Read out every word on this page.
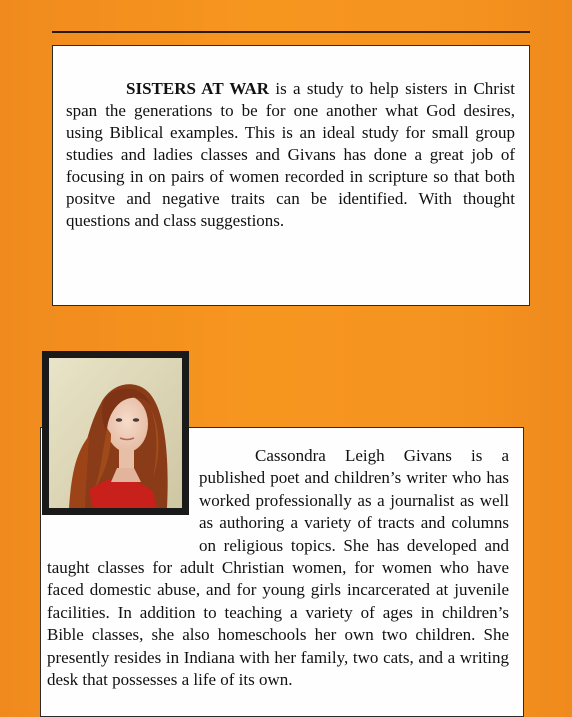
SISTERS AT WAR is a study to help sisters in Christ span the generations to be for one another what God desires, using Biblical examples. This is an ideal study for small group studies and ladies classes and Givans has done a great job of focusing in on pairs of women recorded in scripture so that both positve and negative traits can be identified. With thought questions and class suggestions.

Cassondra Leigh Givans is a published poet and children’s writer who has worked professionally as a journalist as well as authoring a variety of tracts and columns on religious topics. She has developed and taught classes for adult Christian women, for women who have faced domestic abuse, and for young girls incarcerated at juvenile facilities. In addition to teaching a variety of ages in children’s Bible classes, she also homeschools her own two children. She presently resides in Indiana with her family, two cats, and a writing desk that possesses a life of its own.
